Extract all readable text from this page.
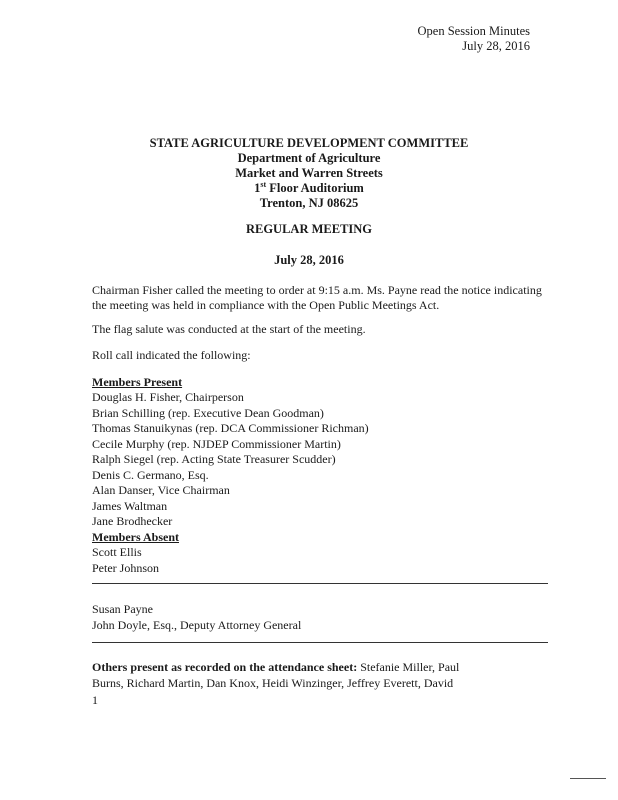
Open Session Minutes
July 28, 2016
STATE AGRICULTURE DEVELOPMENT COMMITTEE
Department of Agriculture
Market and Warren Streets
1st Floor Auditorium
Trenton, NJ 08625
REGULAR MEETING
July 28, 2016
Chairman Fisher called the meeting to order at 9:15 a.m. Ms. Payne read the notice indicating the meeting was held in compliance with the Open Public Meetings Act.
The flag salute was conducted at the start of the meeting.
Roll call indicated the following:
Members Present
Douglas H. Fisher, Chairperson
Brian Schilling (rep. Executive Dean Goodman)
Thomas Stanuikynas (rep. DCA Commissioner Richman)
Cecile Murphy (rep. NJDEP Commissioner Martin)
Ralph Siegel (rep. Acting State Treasurer Scudder)
Denis C. Germano, Esq.
Alan Danser, Vice Chairman
James Waltman
Jane Brodhecker
Members Absent
Scott Ellis
Peter Johnson
Susan Payne
John Doyle, Esq., Deputy Attorney General
Others present as recorded on the attendance sheet: Stefanie Miller, Paul
Burns, Richard Martin, Dan Knox, Heidi Winzinger, Jeffrey Everett, David
1
